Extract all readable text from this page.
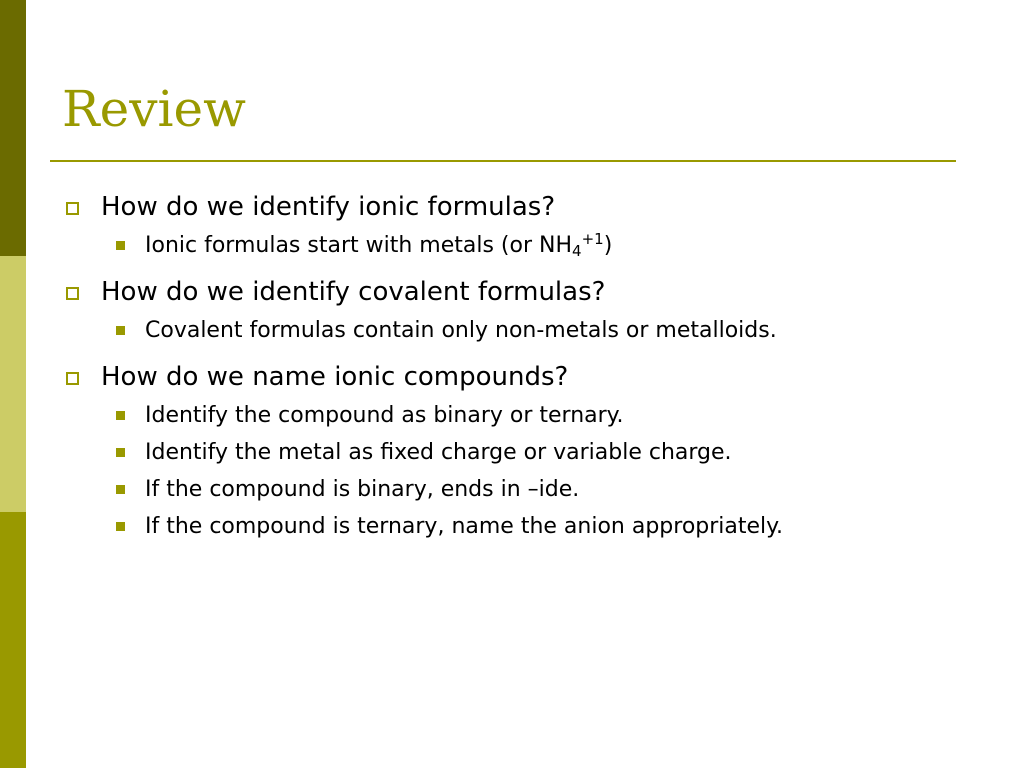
Review
How do we identify ionic formulas?
Ionic formulas start with metals (or $NH_4^{+1}$)
How do we identify covalent formulas?
Covalent formulas contain only non-metals or metalloids.
How do we name ionic compounds?
Identify the compound as binary or ternary.
Identify the metal as fixed charge or variable charge.
If the compound is binary, ends in –ide.
If the compound is ternary, name the anion appropriately.
